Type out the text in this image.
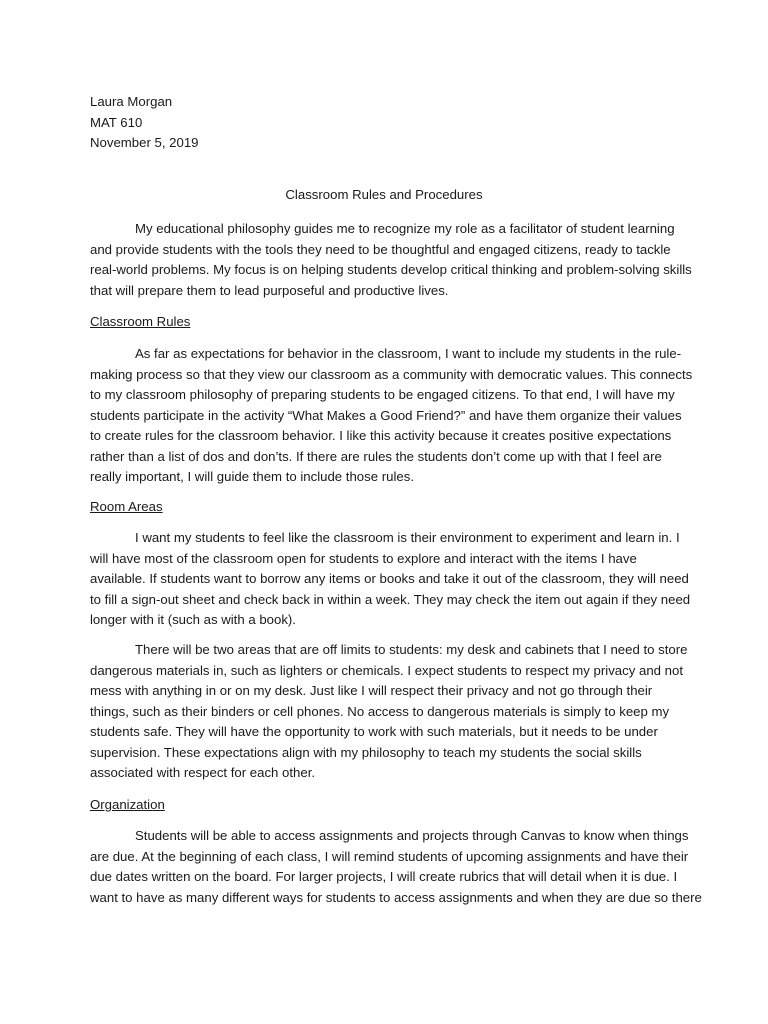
Laura Morgan
MAT 610
November 5, 2019
Classroom Rules and Procedures
My educational philosophy guides me to recognize my role as a facilitator of student learning
and provide students with the tools they need to be thoughtful and engaged citizens, ready to tackle
real-world problems. My focus is on helping students develop critical thinking and problem-solving skills
that will prepare them to lead purposeful and productive lives.
Classroom Rules
As far as expectations for behavior in the classroom, I want to include my students in the rule-
making process so that they view our classroom as a community with democratic values. This connects
to my classroom philosophy of preparing students to be engaged citizens. To that end, I will have my
students participate in the activity “What Makes a Good Friend?” and have them organize their values
to create rules for the classroom behavior. I like this activity because it creates positive expectations
rather than a list of dos and don’ts. If there are rules the students don’t come up with that I feel are
really important, I will guide them to include those rules.
Room Areas
I want my students to feel like the classroom is their environment to experiment and learn in. I
will have most of the classroom open for students to explore and interact with the items I have
available. If students want to borrow any items or books and take it out of the classroom, they will need
to fill a sign-out sheet and check back in within a week. They may check the item out again if they need
longer with it (such as with a book).
There will be two areas that are off limits to students: my desk and cabinets that I need to store
dangerous materials in, such as lighters or chemicals. I expect students to respect my privacy and not
mess with anything in or on my desk. Just like I will respect their privacy and not go through their
things, such as their binders or cell phones. No access to dangerous materials is simply to keep my
students safe. They will have the opportunity to work with such materials, but it needs to be under
supervision. These expectations align with my philosophy to teach my students the social skills
associated with respect for each other.
Organization
Students will be able to access assignments and projects through Canvas to know when things
are due. At the beginning of each class, I will remind students of upcoming assignments and have their
due dates written on the board. For larger projects, I will create rubrics that will detail when it is due. I
want to have as many different ways for students to access assignments and when they are due so there
